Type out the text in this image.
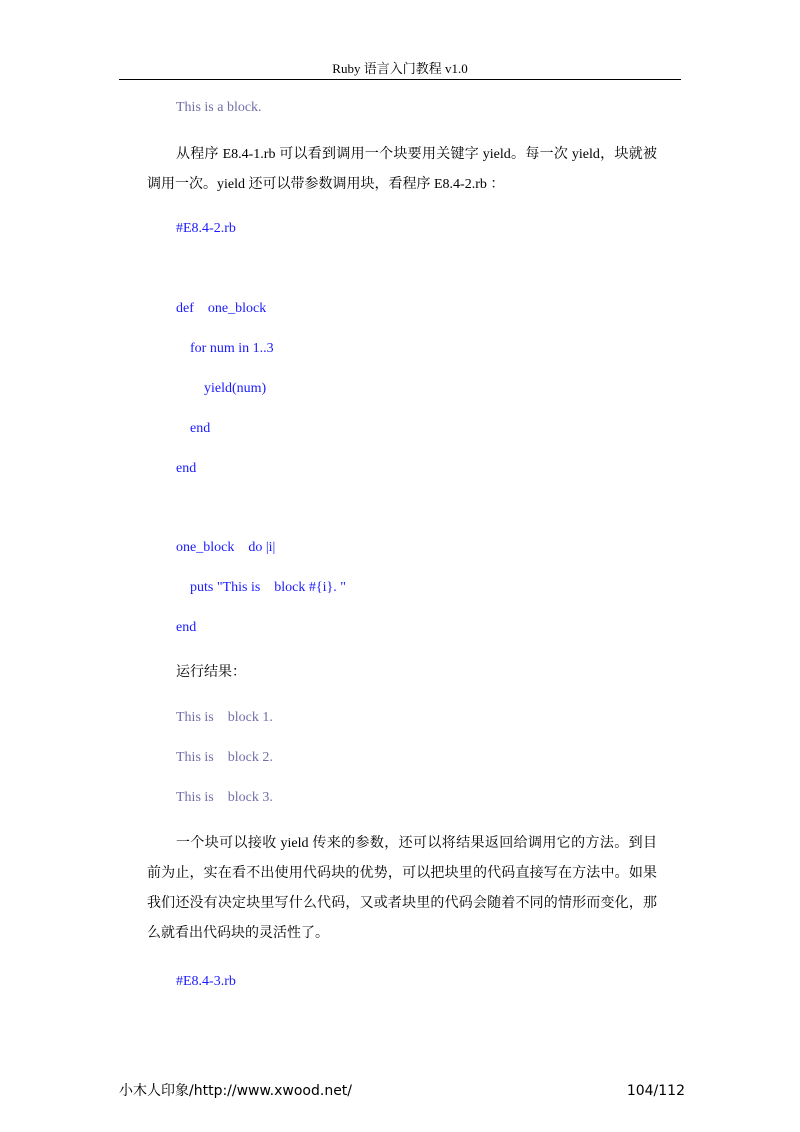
Ruby 语言入门教程 v1.0
This is a block.
从程序 E8.4-1.rb 可以看到调用一个块要用关键字 yield。每一次 yield，块就被调用一次。yield 还可以带参数调用块，看程序 E8.4-2.rb ：
#E8.4-2.rb
def    one_block
for num in 1..3
yield(num)
end
end
one_block    do |i|
puts "This is    block #{i}. "
end
运行结果：
This is    block 1.
This is    block 2.
This is    block 3.
一个块可以接收 yield 传来的参数，还可以将结果返回给调用它的方法。到目前为止，实在看不出使用代码块的优势，可以把块里的代码直接写在方法中。如果我们还没有决定块里写什么代码，又或者块里的代码会随着不同的情形而变化，那么就看出代码块的灵活性了。
#E8.4-3.rb
小木人印象/http://www.xwood.net/	104/112
